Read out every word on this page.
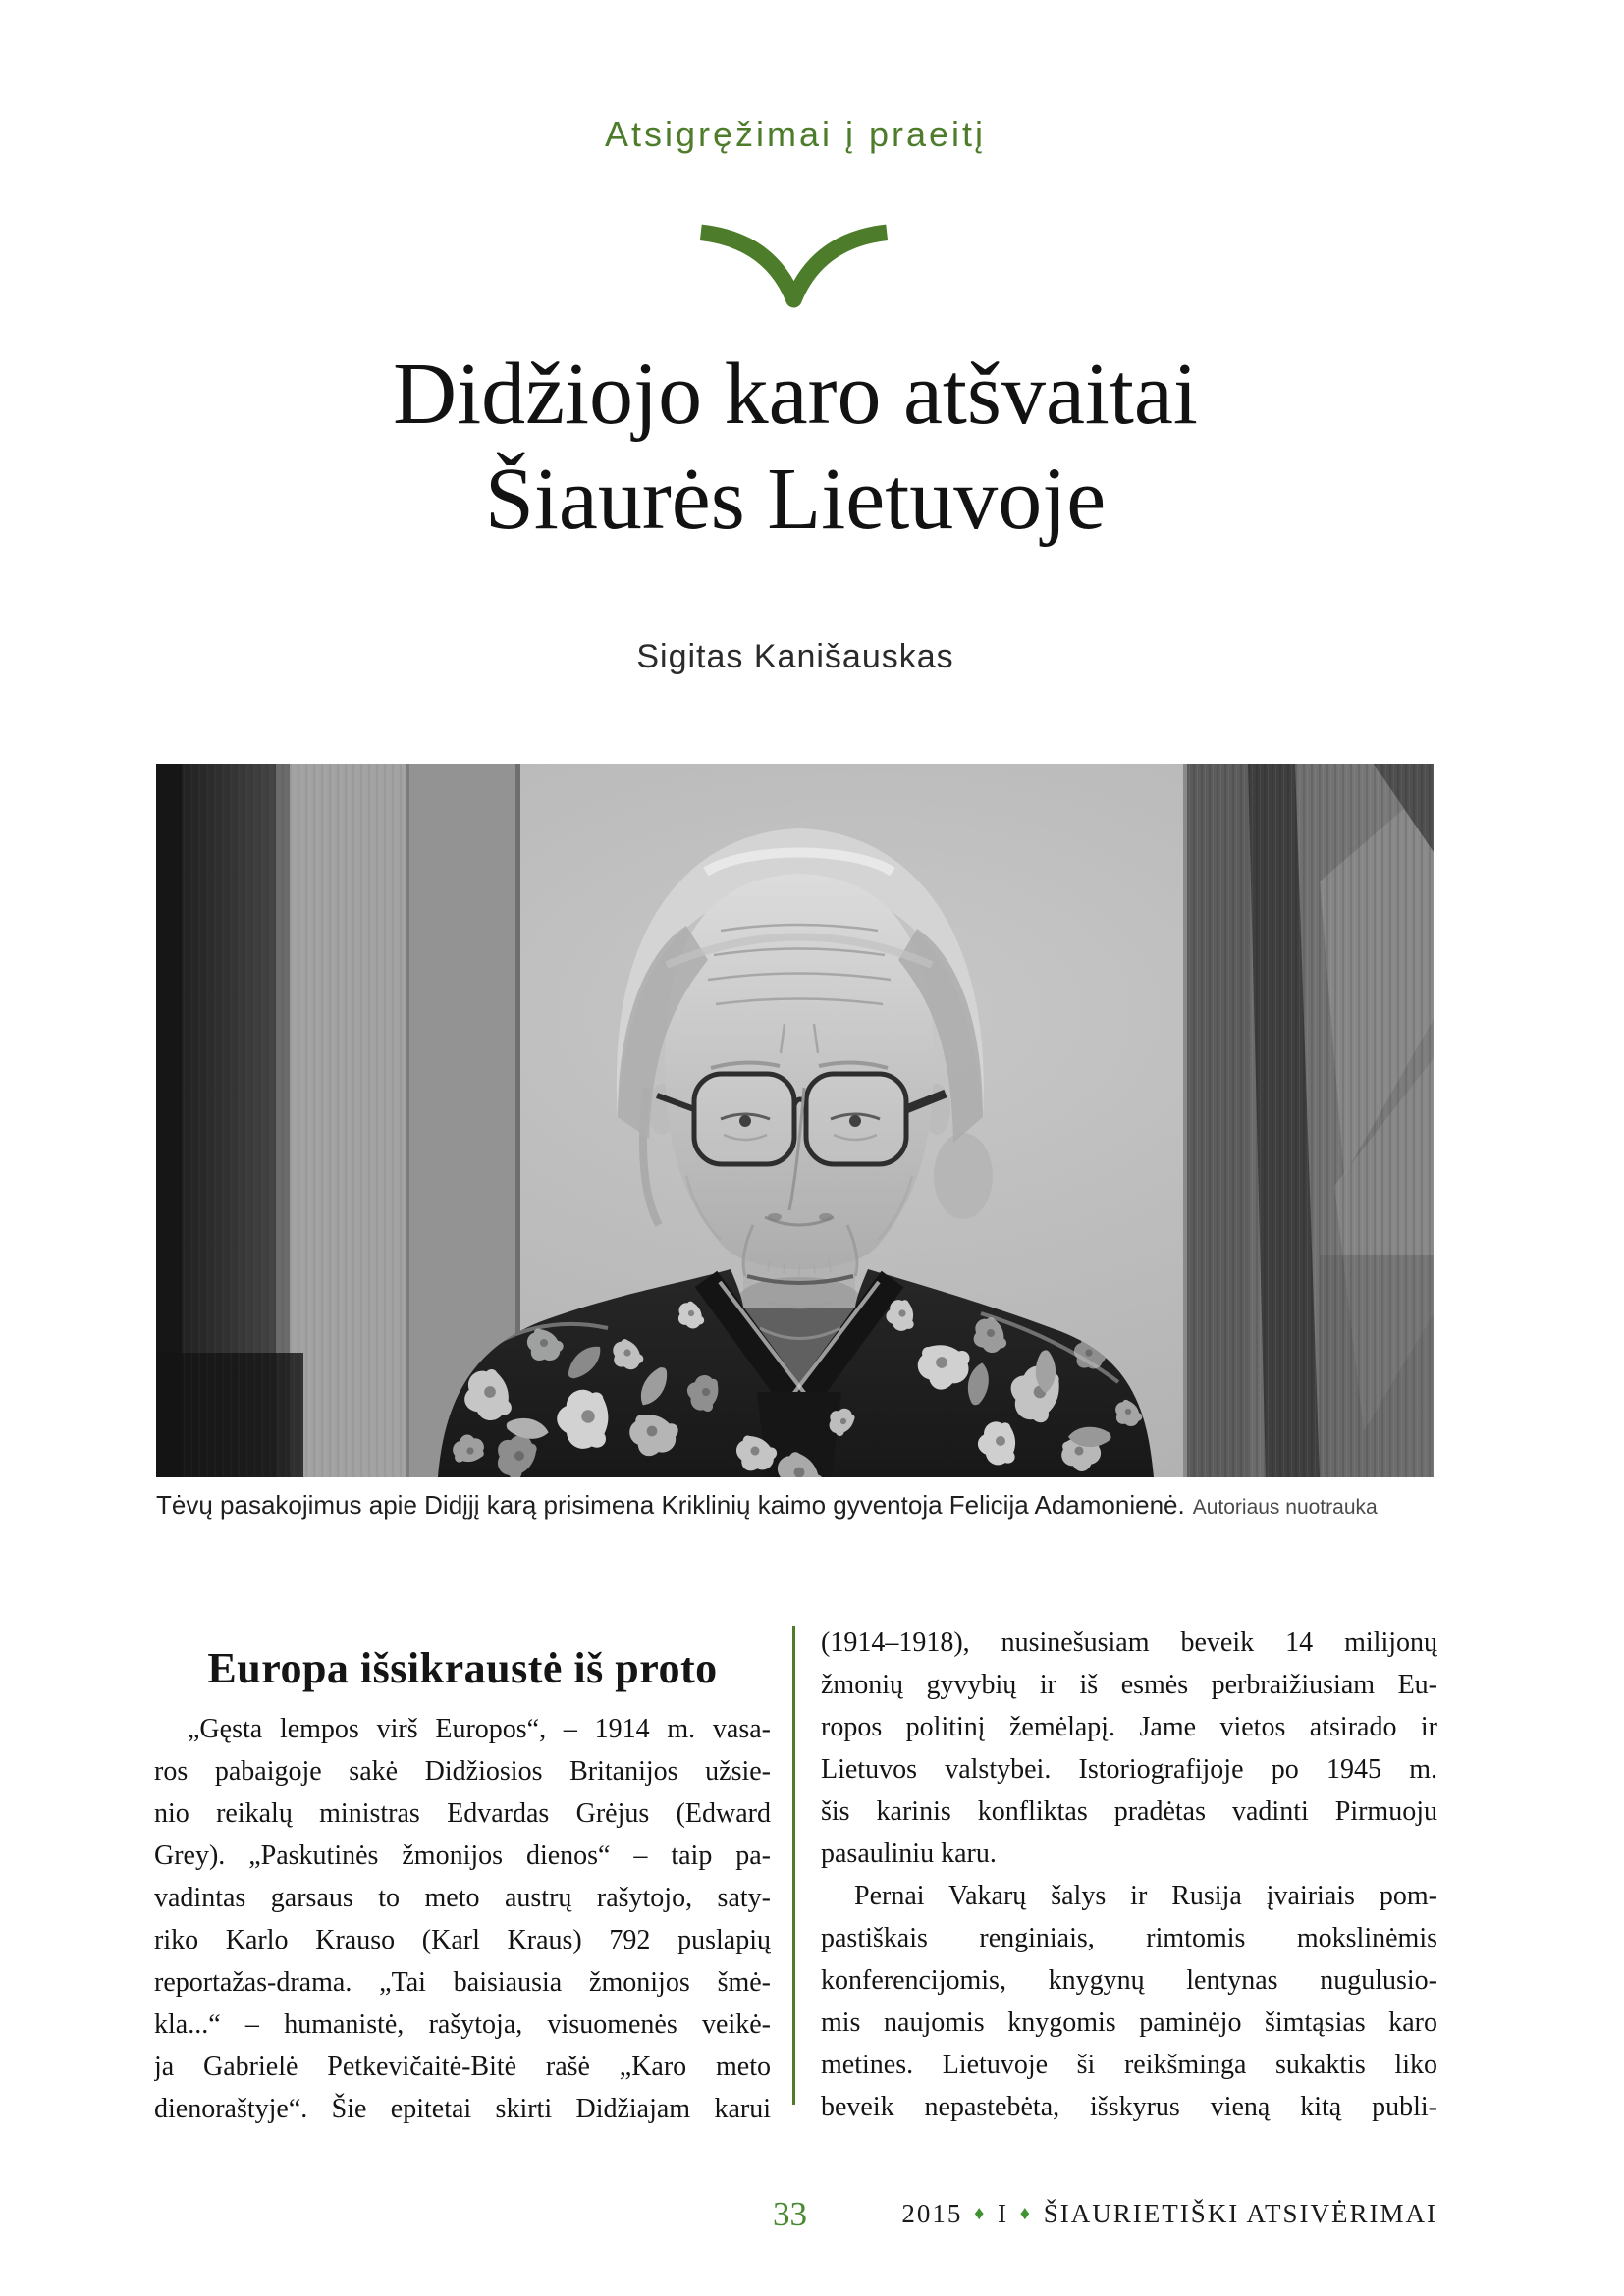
Atsigręžimai į praeitį
Didžiojo karo atšvaitai
Šiaurės Lietuvoje
Sigitas Kanišauskas
Tėvų pasakojimus apie Didįjį karą prisimena Kriklinių kaimo gyventoja Felicija Adamonienė. Autoriaus nuotrauka
Europa išsikraustė iš proto
„Gęsta lempos virš Europos“, – 1914 m. vasa-
ros pabaigoje sakė Didžiosios Britanijos užsie-
nio reikalų ministras Edvardas Grėjus (Edward
Grey). „Paskutinės žmonijos dienos“ – taip pa-
vadintas garsaus to meto austrų rašytojo, saty-
riko Karlo Krauso (Karl Kraus) 792 puslapių
reportažas-drama. „Tai baisiausia žmonijos šmė-
kla...“ – humanistė, rašytoja, visuomenės veikė-
ja Gabrielė Petkevičaitė-Bitė rašė „Karo meto
dienoraštyje“. Šie epitetai skirti Didžiajam karui
(1914–1918), nusinešusiam beveik 14 milijonų
žmonių gyvybių ir iš esmės perbraižiusiam Eu-
ropos politinį žemėlapį. Jame vietos atsirado ir
Lietuvos valstybei. Istoriografijoje po 1945 m.
šis karinis konfliktas pradėtas vadinti Pirmuoju
pasauliniu karu.
Pernai Vakarų šalys ir Rusija įvairiais pom-
pastiškais renginiais, rimtomis mokslinėmis
konferencijomis, knygynų lentynas nugulusio-
mis naujomis knygomis paminėjo šimtąsias karo
metines. Lietuvoje ši reikšminga sukaktis liko
beveik nepastebėta, išskyrus vieną kitą publi-
33	2015 ♦ I ♦ ŠIAURIETIŠKI ATSIVĖRIMAI
